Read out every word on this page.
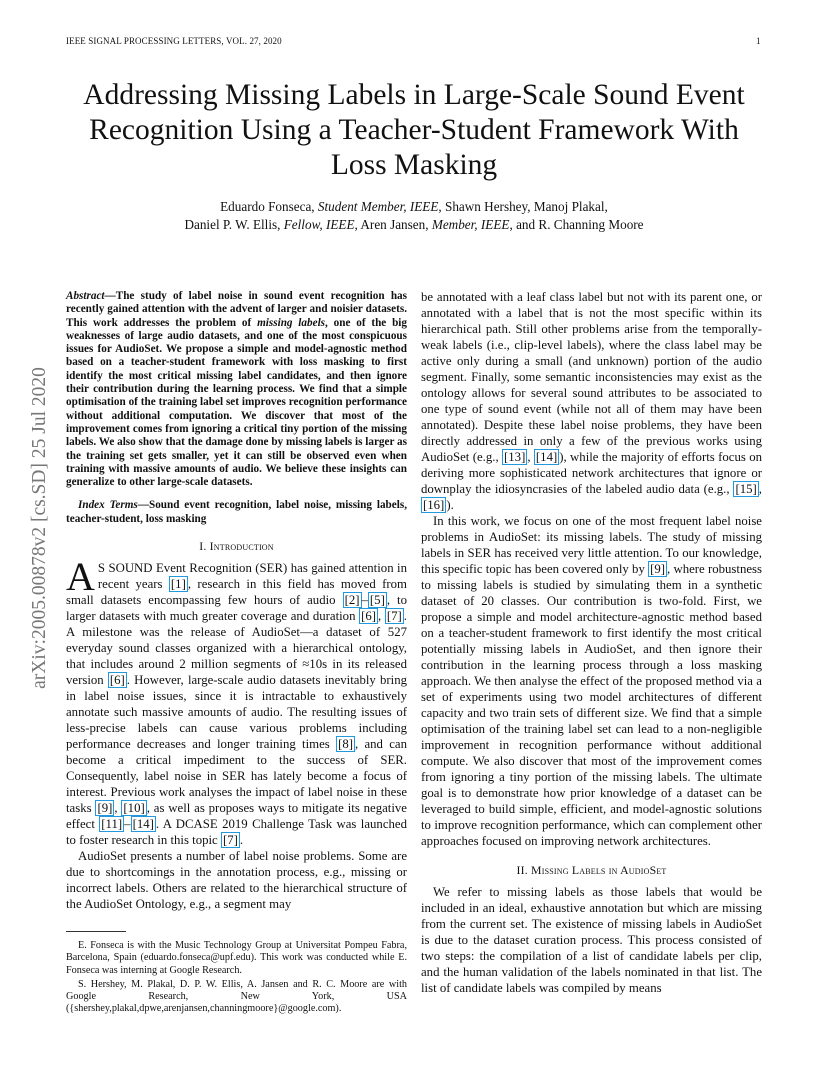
IEEE SIGNAL PROCESSING LETTERS, VOL. 27, 2020	1
arXiv:2005.00878v2 [cs.SD] 25 Jul 2020
Addressing Missing Labels in Large-Scale Sound Event Recognition Using a Teacher-Student Framework With Loss Masking
Eduardo Fonseca, Student Member, IEEE, Shawn Hershey, Manoj Plakal,
Daniel P. W. Ellis, Fellow, IEEE, Aren Jansen, Member, IEEE, and R. Channing Moore

Abstract—The study of label noise in sound event recognition has recently gained attention with the advent of larger and noisier datasets. This work addresses the problem of missing labels, one of the big weaknesses of large audio datasets, and one of the most conspicuous issues for AudioSet. We propose a simple and model-agnostic method based on a teacher-student framework with loss masking to first identify the most critical missing label candidates, and then ignore their contribution during the learning process. We find that a simple optimisation of the training label set improves recognition performance without additional computation. We discover that most of the improvement comes from ignoring a critical tiny portion of the missing labels. We also show that the damage done by missing labels is larger as the training set gets smaller, yet it can still be observed even when training with massive amounts of audio. We believe these insights can generalize to other large-scale datasets.

Index Terms—Sound event recognition, label noise, missing labels, teacher-student, loss masking

I. Introduction

A S SOUND Event Recognition (SER) has gained attention in recent years [1] , research in this field has moved from small datasets encompassing few hours of audio [2] – [5] , to larger datasets with much greater coverage and duration [6] , [7] . A milestone was the release of AudioSet—a dataset of 527 everyday sound classes organized with a hierarchical ontology, that includes around 2 million segments of ≈10s in its released version [6] . However, large-scale audio datasets inevitably bring in label noise issues, since it is intractable to exhaustively annotate such massive amounts of audio. The resulting issues of less-precise labels can cause various problems including performance decreases and longer training times [8] , and can become a critical impediment to the success of SER. Consequently, label noise in SER has lately become a focus of interest. Previous work analyses the impact of label noise in these tasks [9] , [10] , as well as proposes ways to mitigate its negative effect [11] – [14] . A DCASE 2019 Challenge Task was launched to foster research in this topic [7] .

AudioSet presents a number of label noise problems. Some are due to shortcomings in the annotation process, e.g., missing or incorrect labels. Others are related to the hierarchical structure of the AudioSet Ontology, e.g., a segment may

E. Fonseca is with the Music Technology Group at Universitat Pompeu Fabra, Barcelona, Spain (eduardo.fonseca@upf.edu). This work was conducted while E. Fonseca was interning at Google Research.

S. Hershey, M. Plakal, D. P. W. Ellis, A. Jansen and R. C. Moore are with Google Research, New York, USA ({shershey,plakal,dpwe,arenjansen,channingmoore}@google.com).

be annotated with a leaf class label but not with its parent one, or annotated with a label that is not the most specific within its hierarchical path. Still other problems arise from the temporally-weak labels (i.e., clip-level labels), where the class label may be active only during a small (and unknown) portion of the audio segment. Finally, some semantic inconsistencies may exist as the ontology allows for several sound attributes to be associated to one type of sound event (while not all of them may have been annotated). Despite these label noise problems, they have been directly addressed in only a few of the previous works using AudioSet (e.g., [13] , [14] ), while the majority of efforts focus on deriving more sophisticated network architectures that ignore or downplay the idiosyncrasies of the labeled audio data (e.g., [15] , [16] ).

In this work, we focus on one of the most frequent label noise problems in AudioSet: its missing labels. The study of missing labels in SER has received very little attention. To our knowledge, this specific topic has been covered only by [9] , where robustness to missing labels is studied by simulating them in a synthetic dataset of 20 classes. Our contribution is two-fold. First, we propose a simple and model architecture-agnostic method based on a teacher-student framework to first identify the most critical potentially missing labels in AudioSet, and then ignore their contribution in the learning process through a loss masking approach. We then analyse the effect of the proposed method via a set of experiments using two model architectures of different capacity and two train sets of different size. We find that a simple optimisation of the training label set can lead to a non-negligible improvement in recognition performance without additional compute. We also discover that most of the improvement comes from ignoring a tiny portion of the missing labels. The ultimate goal is to demonstrate how prior knowledge of a dataset can be leveraged to build simple, efficient, and model-agnostic solutions to improve recognition performance, which can complement other approaches focused on improving network architectures.

II. Missing Labels in AudioSet

We refer to missing labels as those labels that would be included in an ideal, exhaustive annotation but which are missing from the current set. The existence of missing labels in AudioSet is due to the dataset curation process. This process consisted of two steps: the compilation of a list of candidate labels per clip, and the human validation of the labels nominated in that list. The list of candidate labels was compiled by means
